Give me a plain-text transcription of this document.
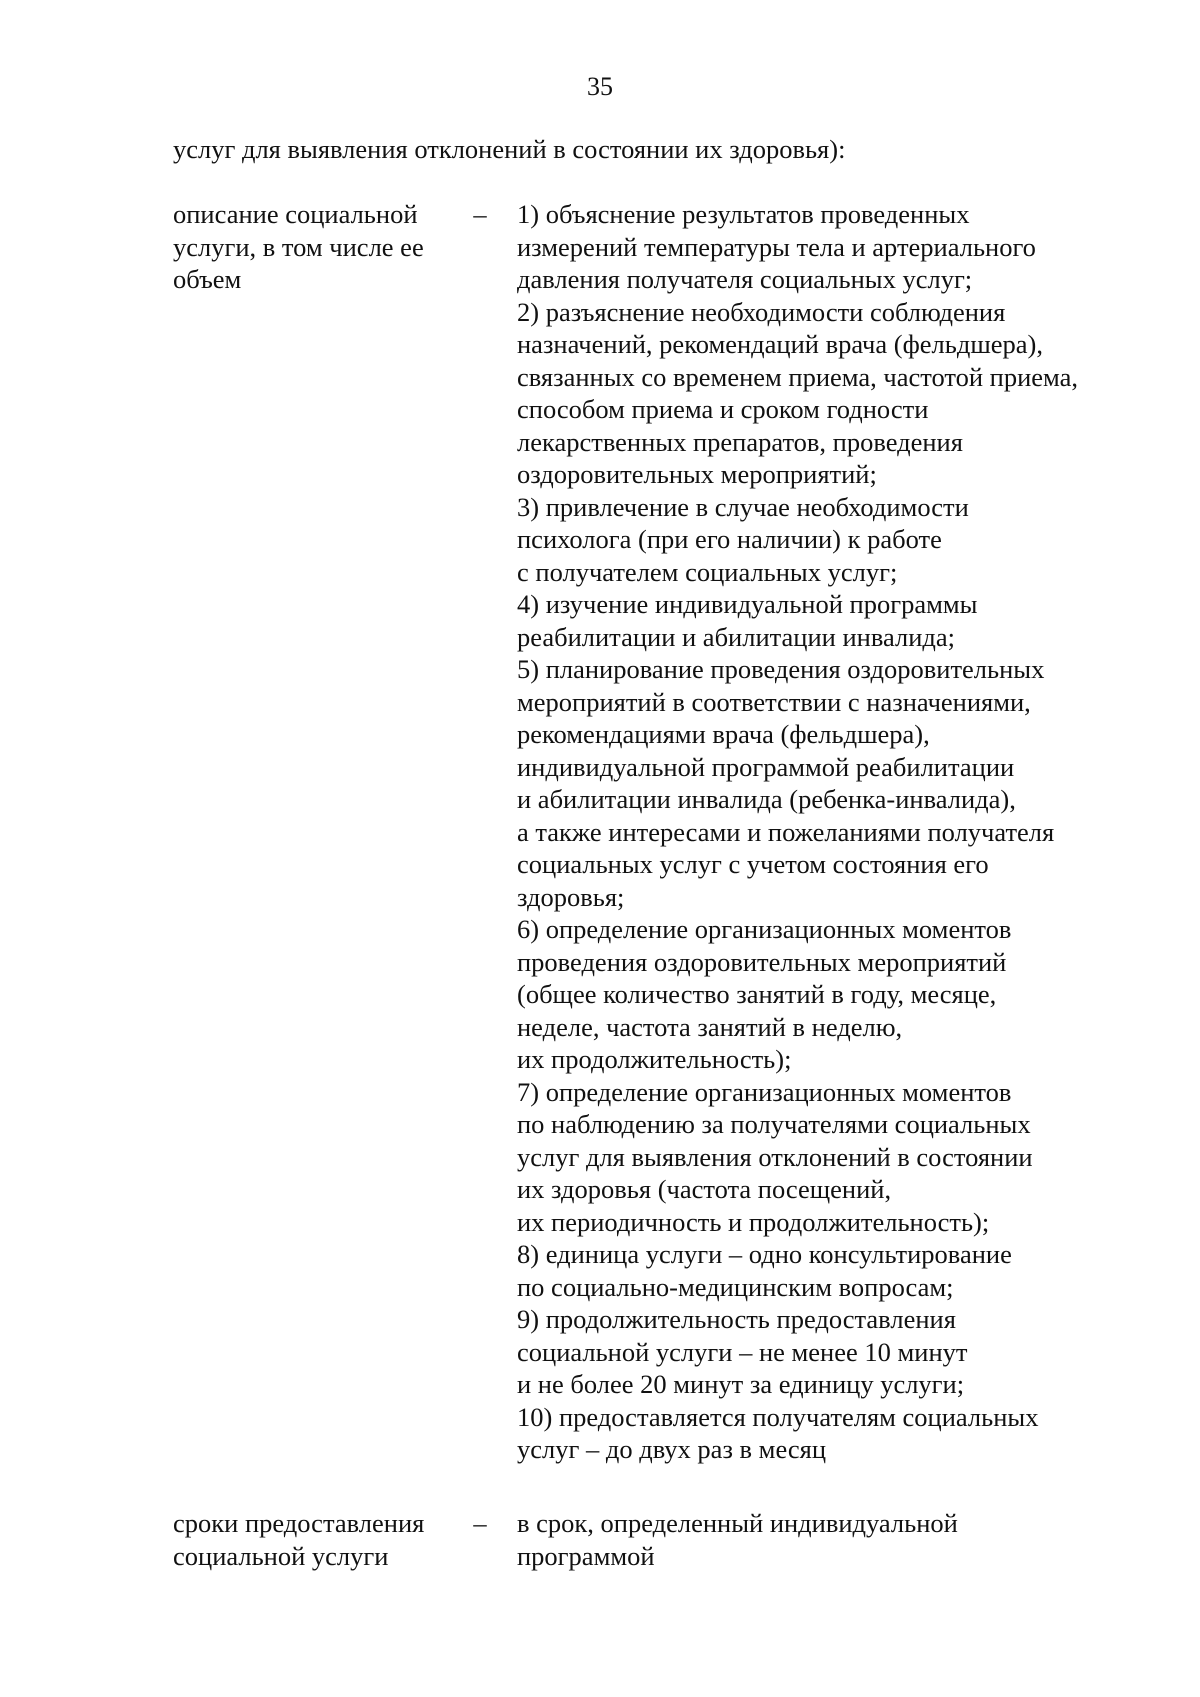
35
услуг для выявления отклонений в состоянии их здоровья):
описание социальной
услуги, в том числе ее
объем
–	1) объяснение результатов проведенных
измерений температуры тела и артериального
давления получателя социальных услуг;
2) разъяснение необходимости соблюдения
назначений, рекомендаций врача (фельдшера),
связанных со временем приема, частотой приема,
способом приема и сроком годности
лекарственных препаратов, проведения
оздоровительных мероприятий;
3) привлечение в случае необходимости
психолога (при его наличии) к работе
с получателем социальных услуг;
4) изучение индивидуальной программы
реабилитации и абилитации инвалида;
5) планирование проведения оздоровительных
мероприятий в соответствии с назначениями,
рекомендациями врача (фельдшера),
индивидуальной программой реабилитации
и абилитации инвалида (ребенка-инвалида),
а также интересами и пожеланиями получателя
социальных услуг с учетом состояния его
здоровья;
6) определение организационных моментов
проведения оздоровительных мероприятий
(общее количество занятий в году, месяце,
неделе, частота занятий в неделю,
их продолжительность);
7) определение организационных моментов
по наблюдению за получателями социальных
услуг для выявления отклонений в состоянии
их здоровья (частота посещений,
их периодичность и продолжительность);
8) единица услуги – одно консультирование
по социально-медицинским вопросам;
9) продолжительность предоставления
социальной услуги – не менее 10 минут
и не более 20 минут за единицу услуги;
10) предоставляется получателям социальных
услуг – до двух раз в месяц
сроки предоставления
социальной услуги
–	в срок, определенный индивидуальной
программой
